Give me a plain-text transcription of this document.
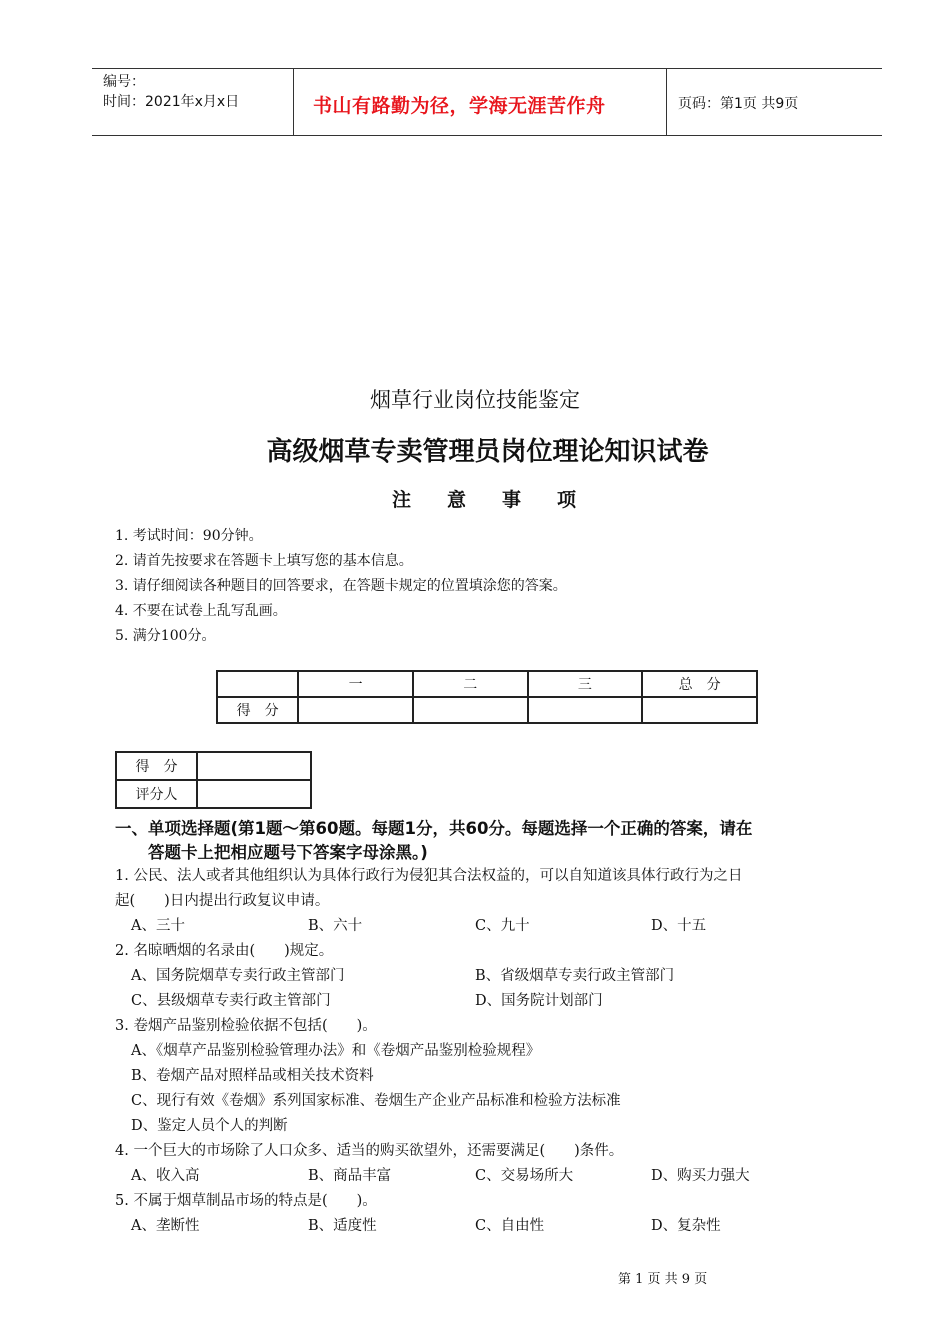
编号：
时间：2021年x月x日	书山有路勤为径，学海无涯苦作舟	页码：第1页 共9页
烟草行业岗位技能鉴定
高级烟草专卖管理员岗位理论知识试卷
注 意 事 项
1. 考试时间：90分钟。
2. 请首先按要求在答题卡上填写您的基本信息。
3. 请仔细阅读各种题目的回答要求，在答题卡规定的位置填涂您的答案。
4. 不要在试卷上乱写乱画。
5. 满分100分。
	一	二	三	总　分
得　分				
得　分	
评分人	
一、单项选择题(第1题～第60题。每题1分，共60分。每题选择一个正确的答案，请在
答题卡上把相应题号下答案字母涂黑。)
1. 公民、法人或者其他组织认为具体行政行为侵犯其合法权益的，可以自知道该具体行政行为之日
起(　　)日内提出行政复议申请。
A、三十	B、六十	C、九十	D、十五
2. 名晾晒烟的名录由(　　)规定。
A、国务院烟草专卖行政主管部门	B、省级烟草专卖行政主管部门
C、县级烟草专卖行政主管部门	D、国务院计划部门
3. 卷烟产品鉴别检验依据不包括(　　)。
A、《烟草产品鉴别检验管理办法》和《卷烟产品鉴别检验规程》
B、卷烟产品对照样品或相关技术资料
C、现行有效《卷烟》系列国家标准、卷烟生产企业产品标准和检验方法标准
D、鉴定人员个人的判断
4. 一个巨大的市场除了人口众多、适当的购买欲望外，还需要满足(　　)条件。
A、收入高	B、商品丰富	C、交易场所大	D、购买力强大
5. 不属于烟草制品市场的特点是(　　)。
A、垄断性	B、适度性	C、自由性	D、复杂性
第 1 页 共 9 页
